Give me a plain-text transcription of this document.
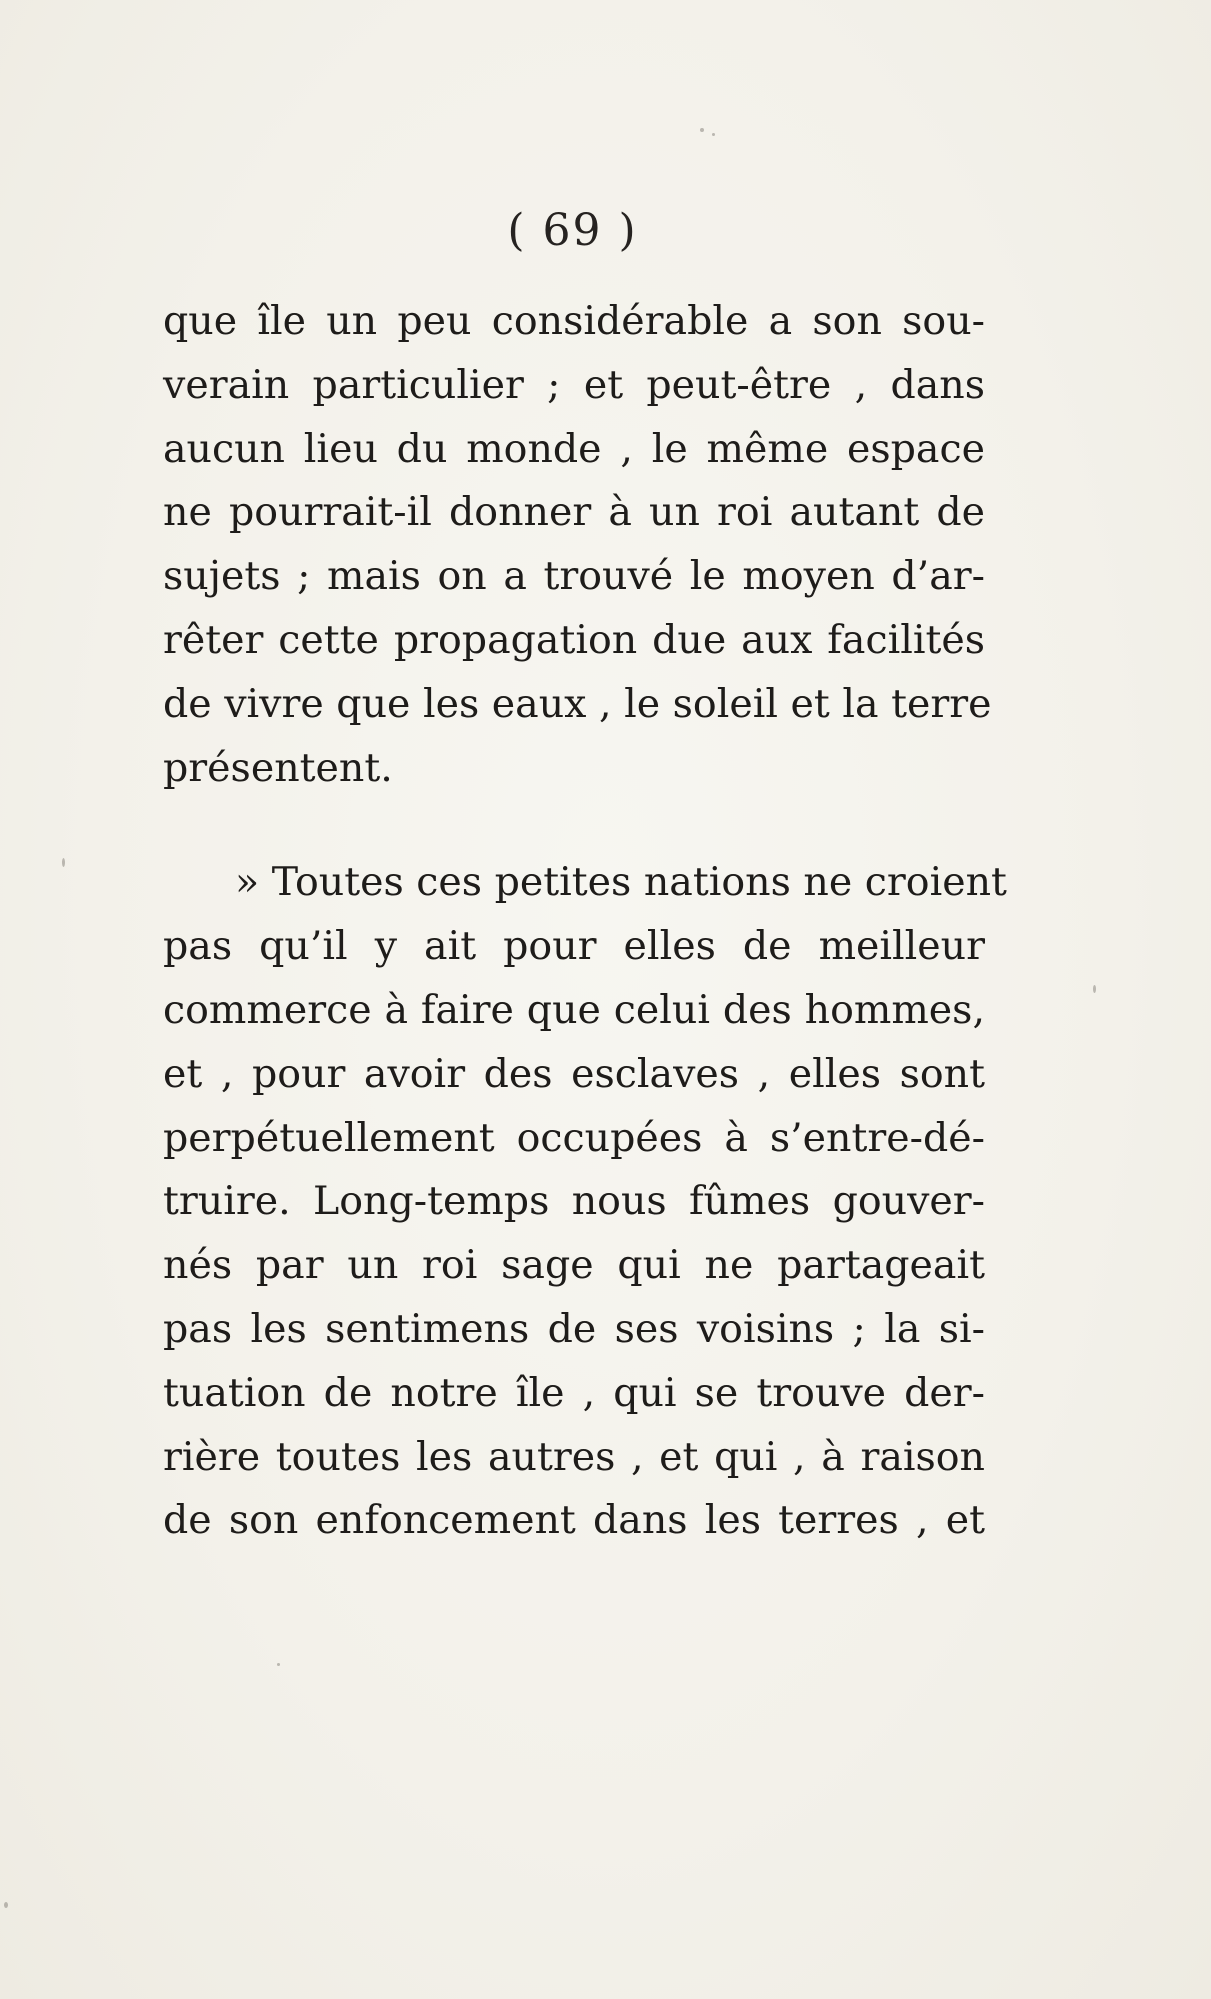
( 69 )
que île un peu considérable a son sou-
verain particulier ; et peut-être , dans
aucun lieu du monde , le même espace
ne pourrait-il donner à un roi autant de
sujets ; mais on a trouvé le moyen d’ar-
rêter cette propagation due aux facilités
de vivre que les eaux , le soleil et la terre
présentent.
» Toutes ces petites nations ne croient
pas qu’il y ait pour elles de meilleur
commerce à faire que celui des hommes,
et , pour avoir des esclaves , elles sont
perpétuellement occupées à s’entre-dé-
truire. Long-temps nous fûmes gouver-
nés par un roi sage qui ne partageait
pas les sentimens de ses voisins ; la si-
tuation de notre île , qui se trouve der-
rière toutes les autres , et qui , à raison
de son enfoncement dans les terres , et
